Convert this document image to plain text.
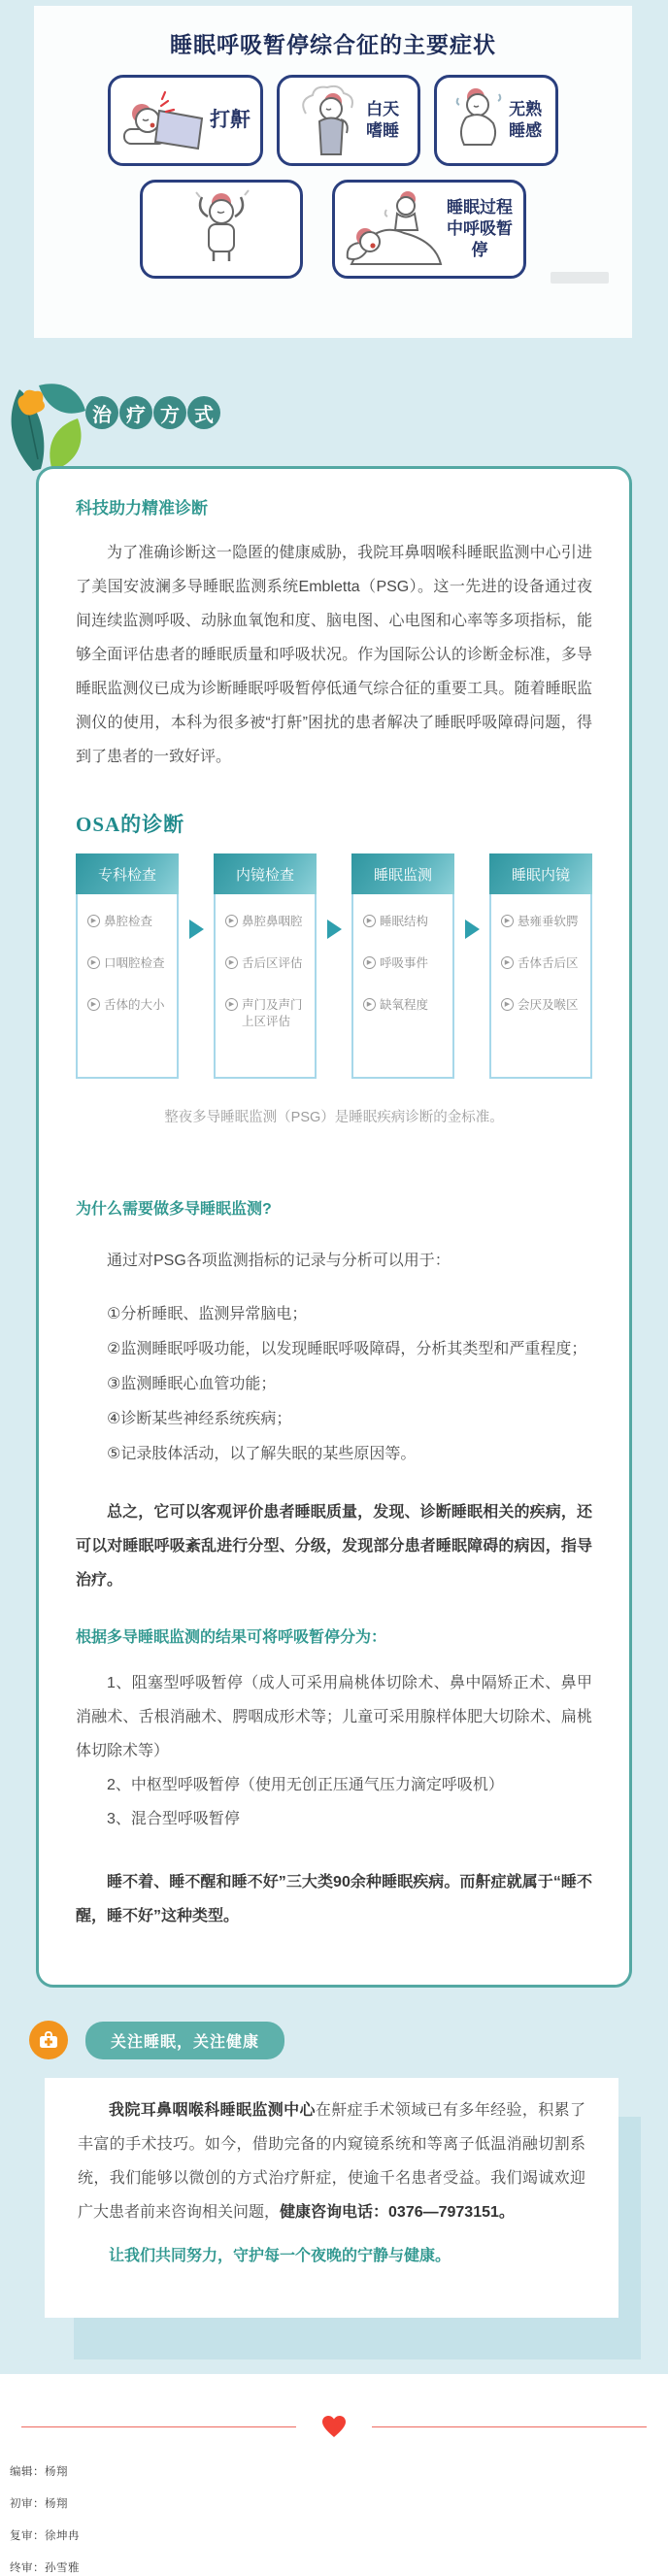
睡眠呼吸暂停综合征的主要症状
打鼾	白天嗜睡
无熟睡感
睡眠过程中呼吸暂停
治 疗 方 式
科技助力精准诊断

为了准确诊断这一隐匿的健康威胁，我院耳鼻咽喉科睡眠监测中心引进了美国安波澜多导睡眠监测系统Embletta（PSG）。这一先进的设备通过夜间连续监测呼吸、动脉血氧饱和度、脑电图、心电图和心率等多项指标，能够全面评估患者的睡眠质量和呼吸状况。作为国际公认的诊断金标准，多导睡眠监测仪已成为诊断睡眠呼吸暂停低通气综合征的重要工具。随着睡眠监测仪的使用，本科为很多被“打鼾”困扰的患者解决了睡眠呼吸障碍问题，得到了患者的一致好评。

OSA的诊断
专科检查
▶ 鼻腔检查
▶ 口咽腔检查
▶ 舌体的大小
内镜检查
▶ 鼻腔鼻咽腔
▶ 舌后区评估
▶ 声门及声门上区评估
睡眠监测
▶ 睡眠结构
▶ 呼吸事件
▶ 缺氧程度
睡眠内镜
▶ 悬雍垂软腭
▶ 舌体舌后区
▶ 会厌及喉区

整夜多导睡眠监测（PSG）是睡眠疾病诊断的金标准。

为什么需要做多导睡眠监测?

通过对PSG各项监测指标的记录与分析可以用于：

①分析睡眠、监测异常脑电；

②监测睡眠呼吸功能，以发现睡眠呼吸障碍，分析其类型和严重程度；

③监测睡眠心血管功能；

④诊断某些神经系统疾病；

⑤记录肢体活动，以了解失眠的某些原因等。

总之，它可以客观评价患者睡眠质量，发现、诊断睡眠相关的疾病，还可以对睡眠呼吸紊乱进行分型、分级，发现部分患者睡眠障碍的病因，指导治疗。

根据多导睡眠监测的结果可将呼吸暂停分为：

1、阻塞型呼吸暂停（成人可采用扁桃体切除术、鼻中隔矫正术、鼻甲消融术、舌根消融术、腭咽成形术等；儿童可采用腺样体肥大切除术、扁桃体切除术等）

2、中枢型呼吸暂停（使用无创正压通气压力滴定呼吸机）

3、混合型呼吸暂停

睡不着、睡不醒和睡不好”三大类90余种睡眠疾病。而鼾症就属于“睡不醒，睡不好”这种类型。

关注睡眠，关注健康

我院耳鼻咽喉科睡眠监测中心在鼾症手术领域已有多年经验，积累了丰富的手术技巧。如今，借助完备的内窥镜系统和等离子低温消融切割系统，我们能够以微创的方式治疗鼾症，使逾千名患者受益。我们竭诚欢迎广大患者前来咨询相关问题，健康咨询电话：0376—7973151。

让我们共同努力，守护每一个夜晚的宁静与健康。

编辑：杨翔

初审：杨翔

复审：徐坤冉

终审：孙雪雅
